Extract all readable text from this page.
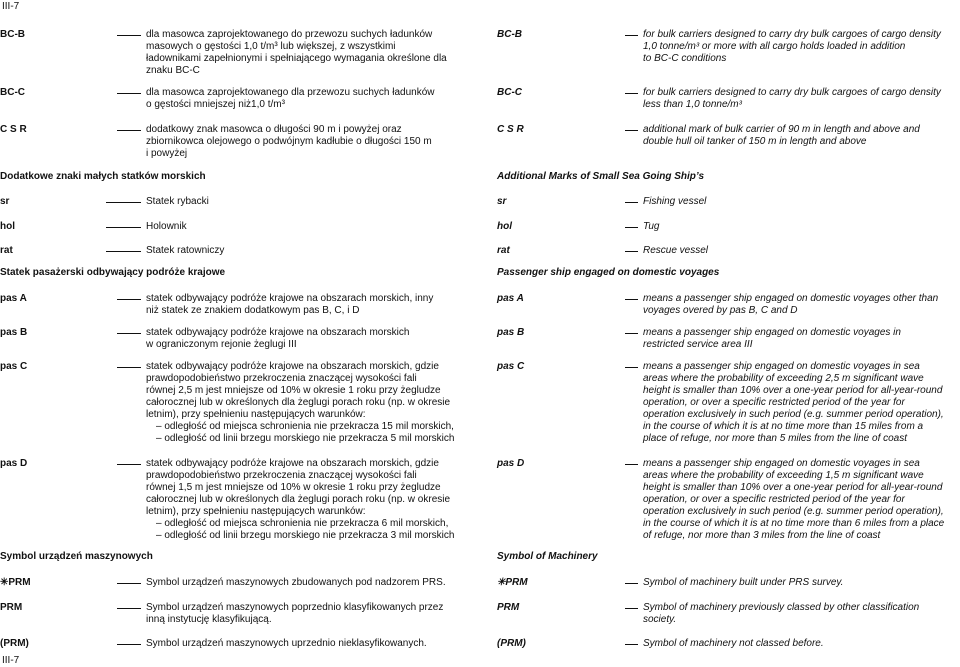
III-7
III-7
BC-B	dla masowca zaprojektowanego do przewozu suchych ładunków
masowych o gęstości 1,0 t/m³ lub większej, z wszystkimi
ładownikami zapełnionymi i spełniającego wymagania określone dla
znaku BC-C
BC-C	dla masowca zaprojektowanego dla przewozu suchych ładunków
o gęstości mniejszej niż1,0 t/m³
C S R	dodatkowy znak masowca o długości 90 m i powyżej oraz
zbiornikowca olejowego o podwójnym kadłubie o długości 150 m
i powyżej
Dodatkowe znaki małych statków morskich
sr	Statek rybacki
hol	Holownik
rat	Statek ratowniczy
Statek pasażerski odbywający podróże krajowe
pas A	statek odbywający podróże krajowe na obszarach morskich, inny
niż statek ze znakiem dodatkowym pas B, C, i D
pas B	statek odbywający podróże krajowe na obszarach morskich
w ograniczonym rejonie żeglugi III
pas C	statek odbywający podróże krajowe na obszarach morskich, gdzie
prawdopodobieństwo przekroczenia znaczącej wysokości fali
równej 2,5 m jest mniejsze od 10% w okresie 1 roku przy żegludze
całorocznej lub w określonych dla żeglugi porach roku (np. w okresie
letnim), przy spełnieniu następujących warunków:
– odległość od miejsca schronienia nie przekracza 15 mil morskich,
– odległość od linii brzegu morskiego nie przekracza 5 mil morskich
pas D	statek odbywający podróże krajowe na obszarach morskich, gdzie
prawdopodobieństwo przekroczenia znaczącej wysokości fali
równej 1,5 m jest mniejsze od 10% w okresie 1 roku przy żegludze
całorocznej lub w określonych dla żeglugi porach roku (np. w okresie
letnim), przy spełnieniu następujących warunków:
– odległość od miejsca schronienia nie przekracza 6 mil morskich,
– odległość od linii brzegu morskiego nie przekracza 3 mil morskich
Symbol urządzeń maszynowych
✳PRM	Symbol urządzeń maszynowych zbudowanych pod nadzorem PRS.
PRM	Symbol urządzeń maszynowych poprzednio klasyfikowanych przez
inną instytucję klasyfikującą.
(PRM)	Symbol urządzeń maszynowych uprzednio nieklasyfikowanych.
BC-B	for bulk carriers designed to carry dry bulk cargoes of cargo density
1,0 tonne/m³ or more with all cargo holds loaded in addition
to BC-C conditions
BC-C	for bulk carriers designed to carry dry bulk cargoes of cargo density
less than 1,0 tonne/m³
C S R	additional mark of bulk carrier of 90 m in length and above and
double hull oil tanker of 150 m in length and above
Additional Marks of Small Sea Going Ship’s
sr	Fishing vessel
hol	Tug
rat	Rescue vessel
Passenger ship engaged on domestic voyages
pas A	means a passenger ship engaged on domestic voyages other than
voyages overed by pas B, C and D
pas B	means a passenger ship engaged on domestic voyages in
restricted service area III
pas C	means a passenger ship engaged on domestic voyages in sea
areas where the probability of exceeding 2,5 m significant wave
height is smaller than 10% over a one-year period for all-year-round
operation, or over a specific restricted period of the year for
operation exclusively in such period (e.g. summer period operation),
in the course of which it is at no time more than 15 miles from a
place of refuge, nor more than 5 miles from the line of coast
pas D	means a passenger ship engaged on domestic voyages in sea
areas where the probability of exceeding 1,5 m significant wave
height is smaller than 10% over a one-year period for all-year-round
operation, or over a specific restricted period of the year for
operation exclusively in such period (e.g. summer period operation),
in the course of which it is at no time more than 6 miles from a place
of refuge, nor more than 3 miles from the line of coast
Symbol of Machinery
✳PRM	Symbol of machinery built under PRS survey.
PRM	Symbol of machinery previously classed by other classification
society.
(PRM)	Symbol of machinery not classed before.
